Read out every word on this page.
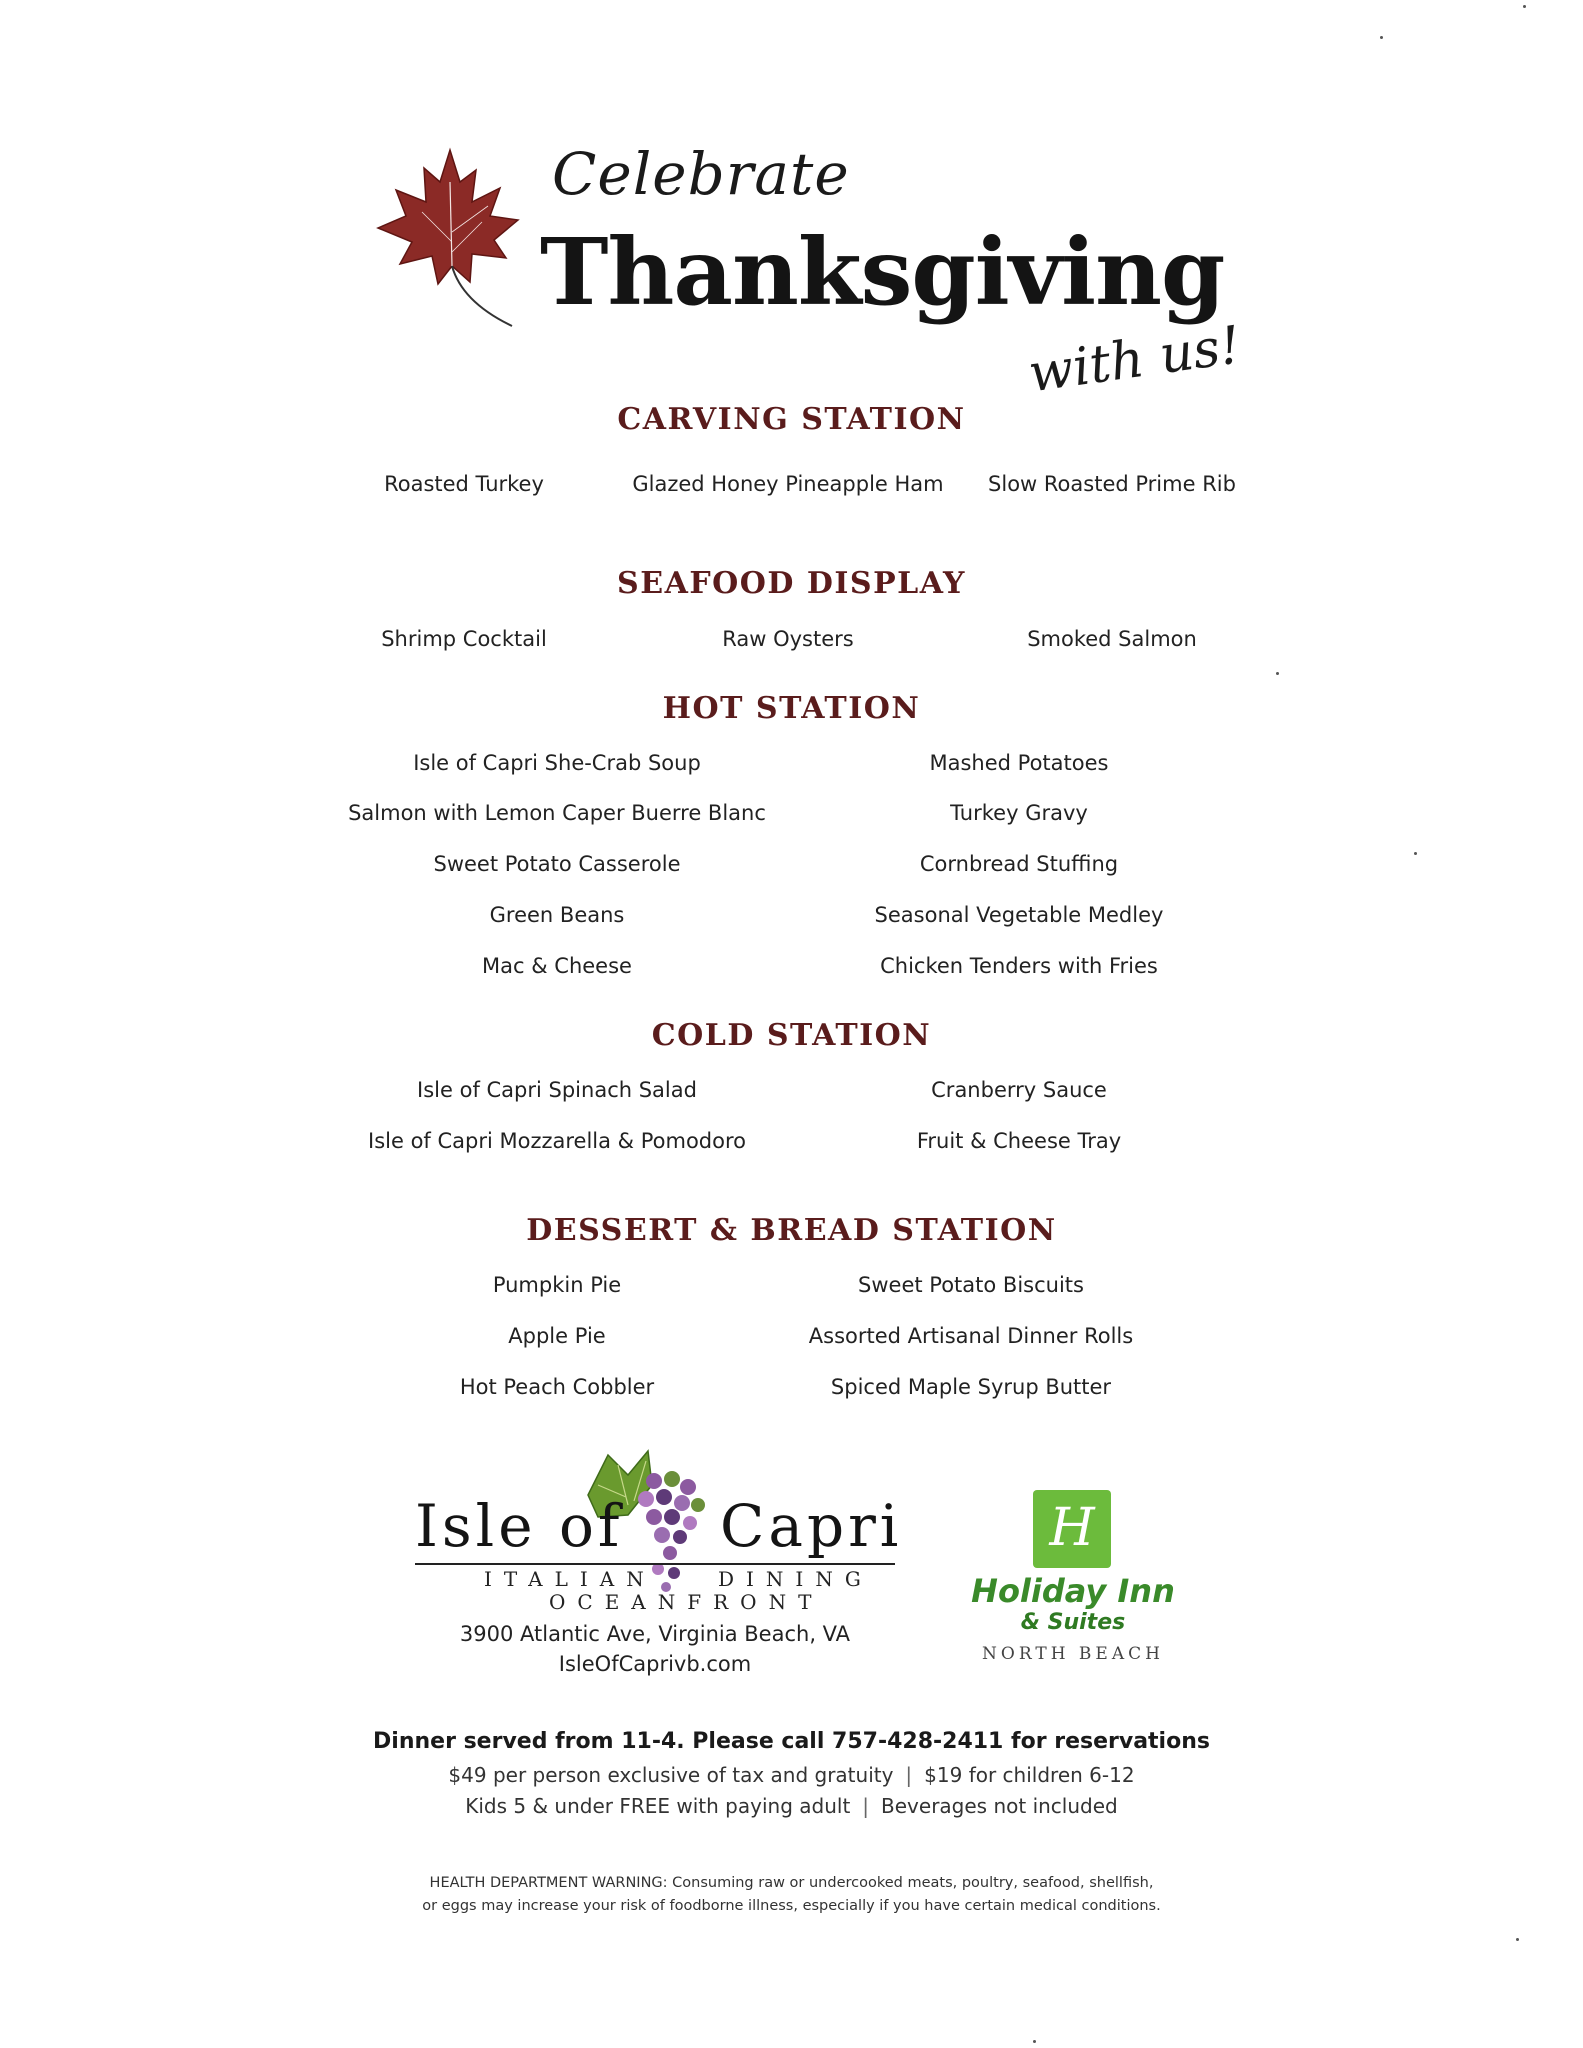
Celebrate
Thanksgiving
with us!
CARVING STATION
Roasted Turkey	Glazed Honey Pineapple Ham	Slow Roasted Prime Rib
SEAFOOD DISPLAY
Shrimp Cocktail	Raw Oysters	Smoked Salmon
HOT STATION
Isle of Capri She-Crab Soup
Salmon with Lemon Caper Buerre Blanc
Sweet Potato Casserole
Green Beans
Mac & Cheese
Mashed Potatoes
Turkey Gravy
Cornbread Stuffing
Seasonal Vegetable Medley
Chicken Tenders with Fries
COLD STATION
Isle of Capri Spinach Salad
Isle of Capri Mozzarella & Pomodoro
Cranberry Sauce
Fruit & Cheese Tray
DESSERT & BREAD STATION
Pumpkin Pie
Apple Pie
Hot Peach Cobbler
Sweet Potato Biscuits
Assorted Artisanal Dinner Rolls
Spiced Maple Syrup Butter
Isle of Capri
ITALIAN	DINING
OCEANFRONT
3900 Atlantic Ave, Virginia Beach, VA
IsleOfCaprivb.com
H
Holiday Inn
& Suites
NORTH BEACH
Dinner served from 11-4. Please call 757-428-2411 for reservations
$49 per person exclusive of tax and gratuity | $19 for children 6-12
Kids 5 & under FREE with paying adult | Beverages not included
HEALTH DEPARTMENT WARNING: Consuming raw or undercooked meats, poultry, seafood, shellfish,
or eggs may increase your risk of foodborne illness, especially if you have certain medical conditions.
